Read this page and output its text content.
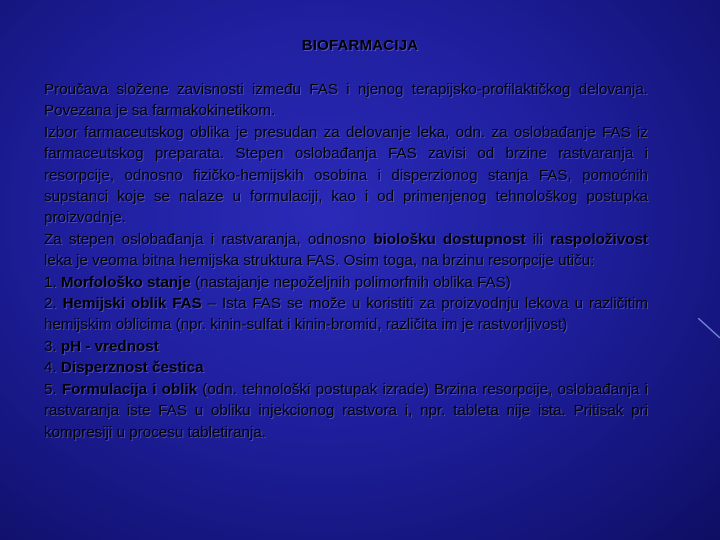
BIOFARMACIJA

Proučava složene zavisnosti između FAS i njenog terapijsko-profilaktičkog delovanja. Povezana je sa farmakokinetikom.

Izbor farmaceutskog oblika je presudan za delovanje leka, odn. za oslobađanje FAS iz farmaceutskog preparata. Stepen oslobađanja FAS zavisi od brzine rastvaranja i resorpcije, odnosno fizičko-hemijskih osobina i disperzionog stanja FAS, pomoćnih supstanci koje se nalaze u formulaciji, kao i od primenjenog tehnološkog postupka proizvodnje.

Za stepen oslobađanja i rastvaranja, odnosno biološku dostupnost ili raspoloživost leka je veoma bitna hemijska struktura FAS. Osim toga, na brzinu resorpcije utiču:

1. Morfološko stanje (nastajanje nepoželjnih polimorfnih oblika FAS)

2. Hemijski oblik FAS – Ista FAS se može u koristiti za proizvodnju lekova u različitim hemijskim oblicima (npr. kinin-sulfat i kinin-bromid, različita im je rastvorljivost)

3. pH - vrednost

4. Disperznost čestica

5. Formulacija i oblik (odn. tehnološki postupak izrade) Brzina resorpcije, oslobađanja i rastvaranja iste FAS u obliku injekcionog rastvora i, npr. tableta nije ista. Pritisak pri kompresiji u procesu tabletiranja.
